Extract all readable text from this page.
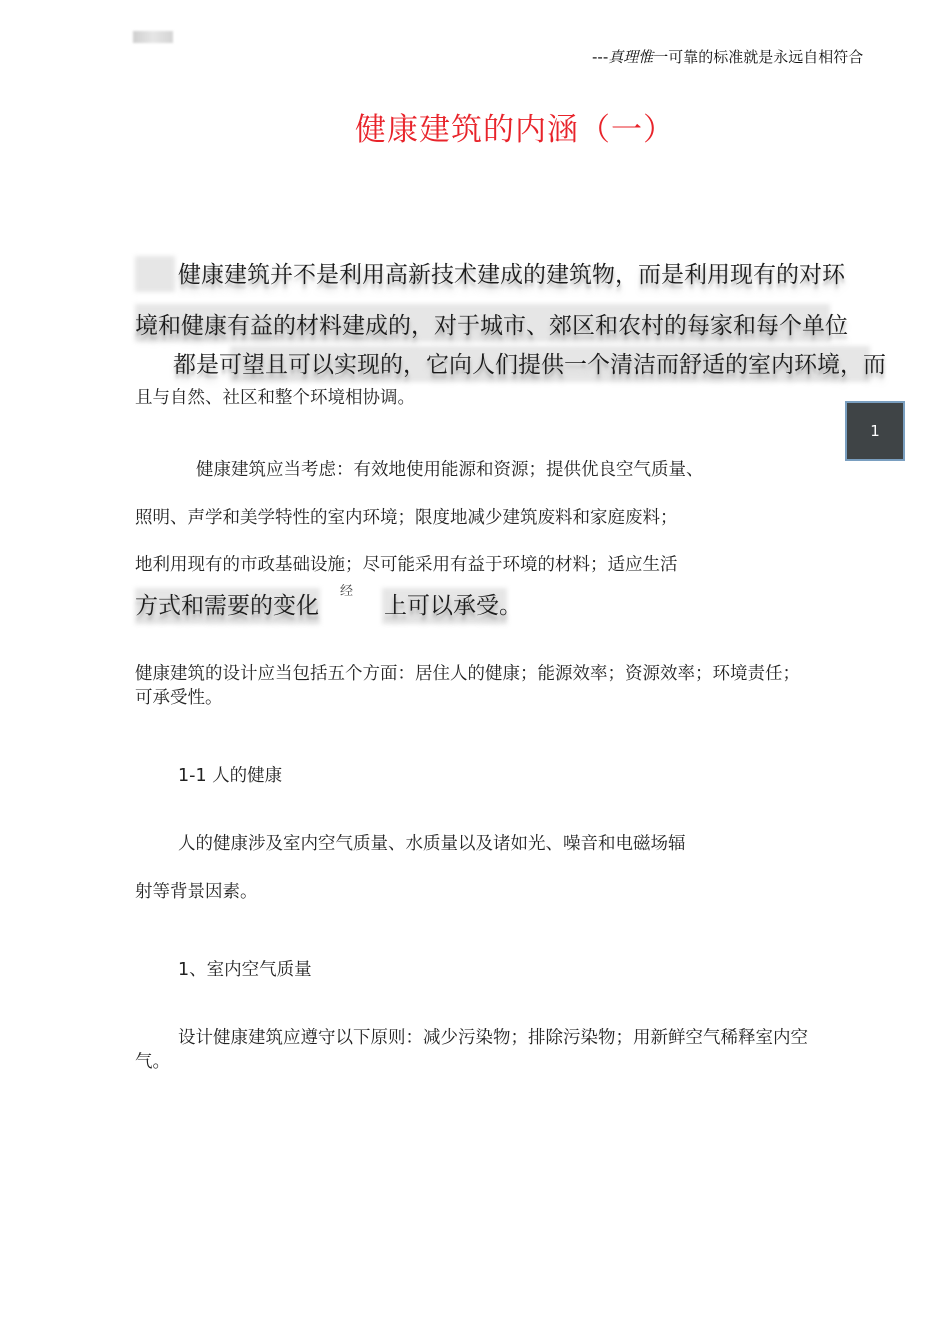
---真理惟一可靠的标准就是永远自相符合
健康建筑的内涵（一）
健康建筑并不是利用高新技术建成的建筑物，而是利用现有的对环
境和健康有益的材料建成的，对于城市、郊区和农村的每家和每个单位
都是可望且可以实现的，它向人们提供一个清洁而舒适的室内环境，而
且与自然、社区和整个环境相协调。
1
健康建筑应当考虑：有效地使用能源和资源；提供优良空气质量、
照明、声学和美学特性的室内环境；限度地减少建筑废料和家庭废料；
地利用现有的市政基础设施；尽可能采用有益于环境的材料；适应生活
方式和需要的变化
经
上可以承受。
健康建筑的设计应当包括五个方面：居住人的健康；能源效率；资源效率；环境责任；
可承受性。
1-1 人的健康
人的健康涉及室内空气质量、水质量以及诸如光、噪音和电磁场辐
射等背景因素。
1、室内空气质量
设计健康建筑应遵守以下原则：减少污染物；排除污染物；用新鲜空气稀释室内空
气。
